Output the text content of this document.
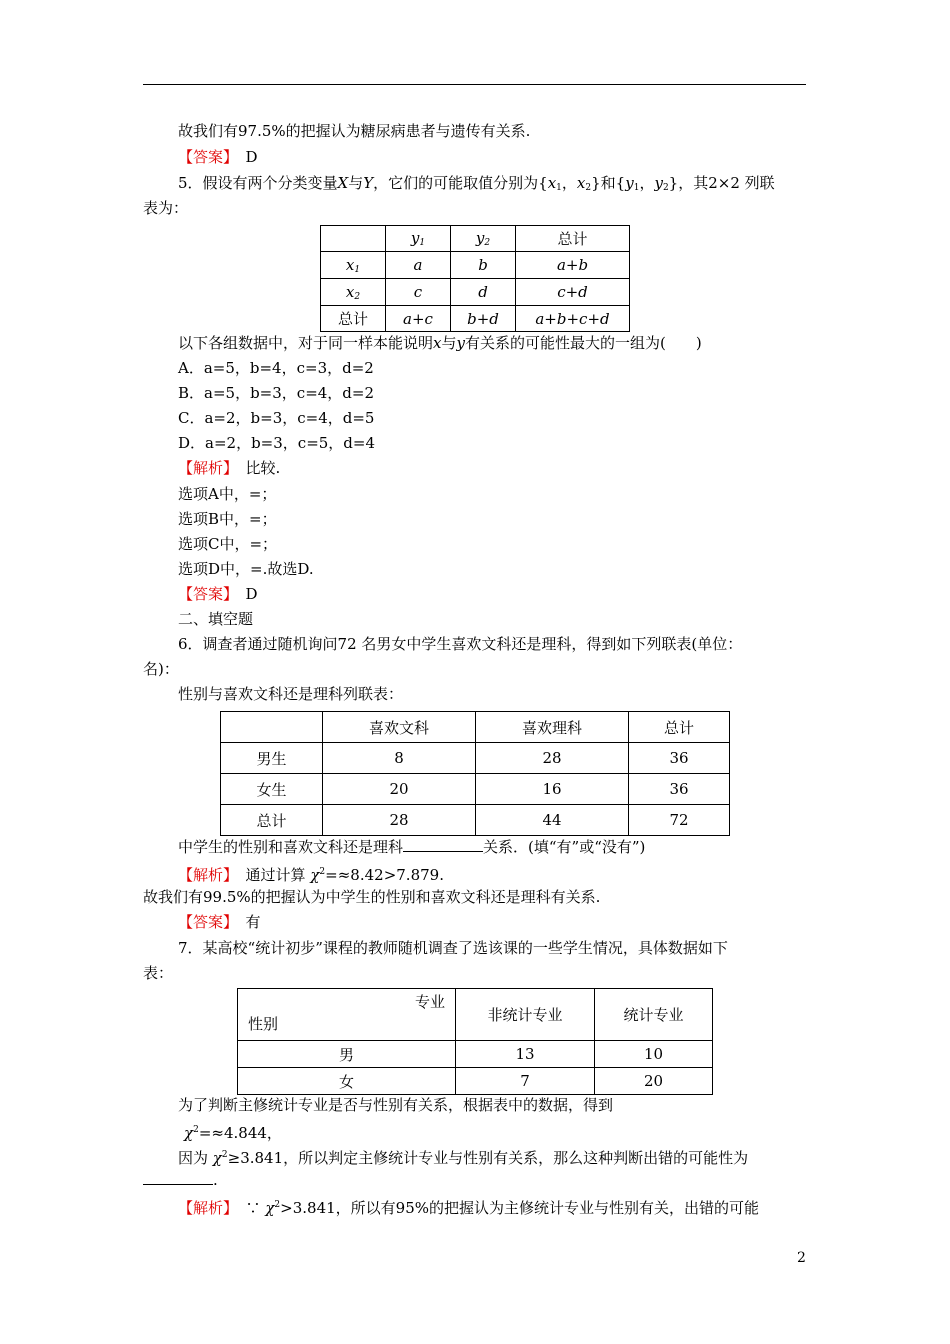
故我们有97.5%的把握认为糖尿病患者与遗传有关系.
【答案】　 D
5．假设有两个分类变量X与Y，它们的可能取值分别为{$x_1$，$x_2$}和{$y_1$，$y_2$}，其2×2 列联
表为：
	$y_1$	$y_2$	总计
$x_1$	a	b	a+b
$x_2$	c	d	c+d
总计	a+c	b+d	a+b+c+d
以下各组数据中，对于同一样本能说明x与y有关系的可能性最大的一组为(　　)
A．a=5，b=4，c=3，d=2
B．a=5，b=3，c=4，d=2
C．a=2，b=3，c=4，d=5
D．a=2，b=3，c=5，d=4
【解析】　 比较.
选项A中，=；
选项B中，=；
选项C中，=；
选项D中，=.故选D.
【答案】　 D
二、填空题
6．调查者通过随机询问72 名男女中学生喜欢文科还是理科，得到如下列联表(单位：
名)：
性别与喜欢文科还是理科列联表：
	喜欢文科	喜欢理科	总计
男生	8	28	36
女生	20	16	36
总计	28	44	72
中学生的性别和喜欢文科还是理科	关系．(填“有”或“没有”)
【解析】　 通过计算 $\chi^2=\approx 8.42>7.879$.
故我们有99.5%的把握认为中学生的性别和喜欢文科还是理科有关系.
【答案】　 有
7．某高校“统计初步”课程的教师随机调查了选该课的一些学生情况，具体数据如下
表：
专业
性别	非统计专业	统计专业
男	13	10
女	7	20
为了判断主修统计专业是否与性别有关系，根据表中的数据，得到
$\chi^2=\approx 4.844$，
因为 $\chi^2\ge 3.841$，所以判定主修统计专业与性别有关系，那么这种判断出错的可能性为
.
【解析】　 ∵ $\chi^2>3.841$，所以有95%的把握认为主修统计专业与性别有关，出错的可能
2
